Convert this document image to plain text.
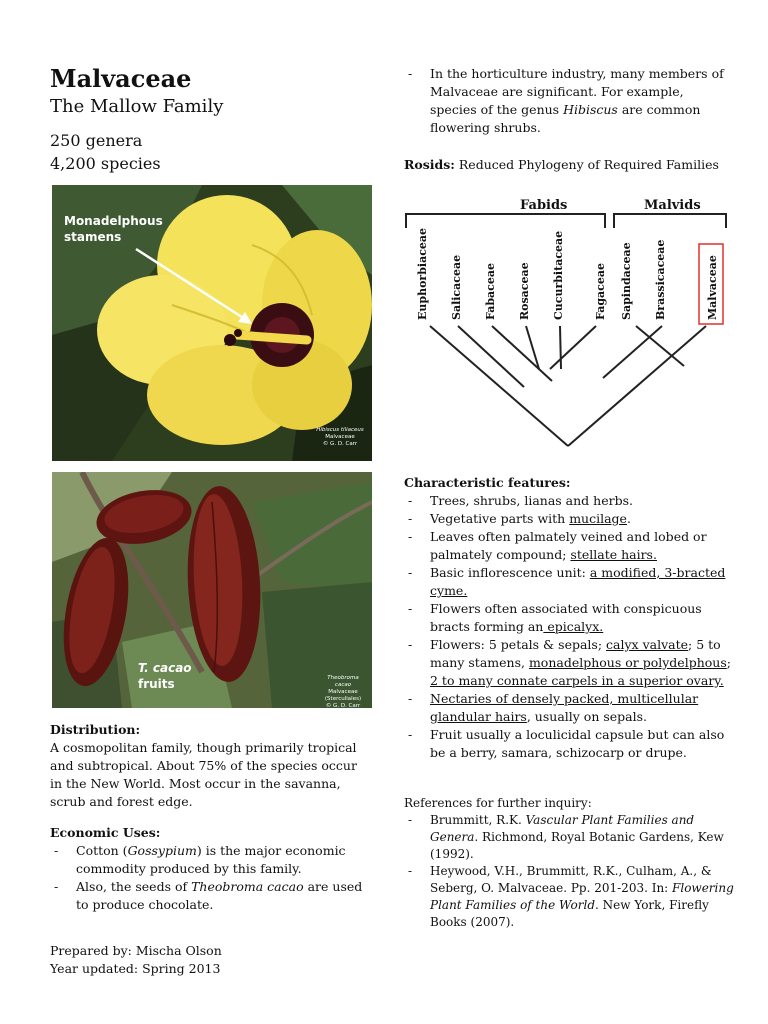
Malvaceae
The Mallow Family
250 genera
4,200 species
Monadelphous
stamens
Hibiscus tiliaceus
Malvaceae
© G. D. Carr
T. cacao
fruits	Theobroma
cacao
Malvaceae
(Sterculiales)
© G. D. Carr
Distribution:
A cosmopolitan family, though primarily tropical and subtropical. About 75% of the species occur in the New World. Most occur in the savanna, scrub and forest edge.
Economic Uses:
- Cotton (Gossypium) is the major economic commodity produced by this family.
- Also, the seeds of Theobroma cacao are used to produce chocolate.
Prepared by: Mischa Olson
Year updated: Spring 2013
- In the horticulture industry, many members of Malvaceae are significant. For example, species of the genus Hibiscus are common flowering shrubs.
Rosids: Reduced Phylogeny of Required Families
Fabids	Malvids
Euphorbiaceae Salicaceae Fabaceae Rosaceae Cucurbitaceae	Fagaceae Sapindaceae Brassicaceae	Malvaceae
Characteristic features:
- Trees, shrubs, lianas and herbs.
- Vegetative parts with mucilage.
- Leaves often palmately veined and lobed or palmately compound; stellate hairs.
- Basic inflorescence unit: a modified, 3-bracted cyme.
- Flowers often associated with conspicuous bracts forming an epicalyx.
- Flowers: 5 petals & sepals; calyx valvate; 5 to many stamens, monadelphous or polydelphous; 2 to many connate carpels in a superior ovary.
- Nectaries of densely packed, multicellular glandular hairs, usually on sepals.
- Fruit usually a loculicidal capsule but can also be a berry, samara, schizocarp or drupe.
References for further inquiry:
- Brummitt, R.K. Vascular Plant Families and Genera. Richmond, Royal Botanic Gardens, Kew (1992).
- Heywood, V.H., Brummitt, R.K., Culham, A., & Seberg, O. Malvaceae. Pp. 201-203. In: Flowering Plant Families of the World. New York, Firefly Books (2007).
